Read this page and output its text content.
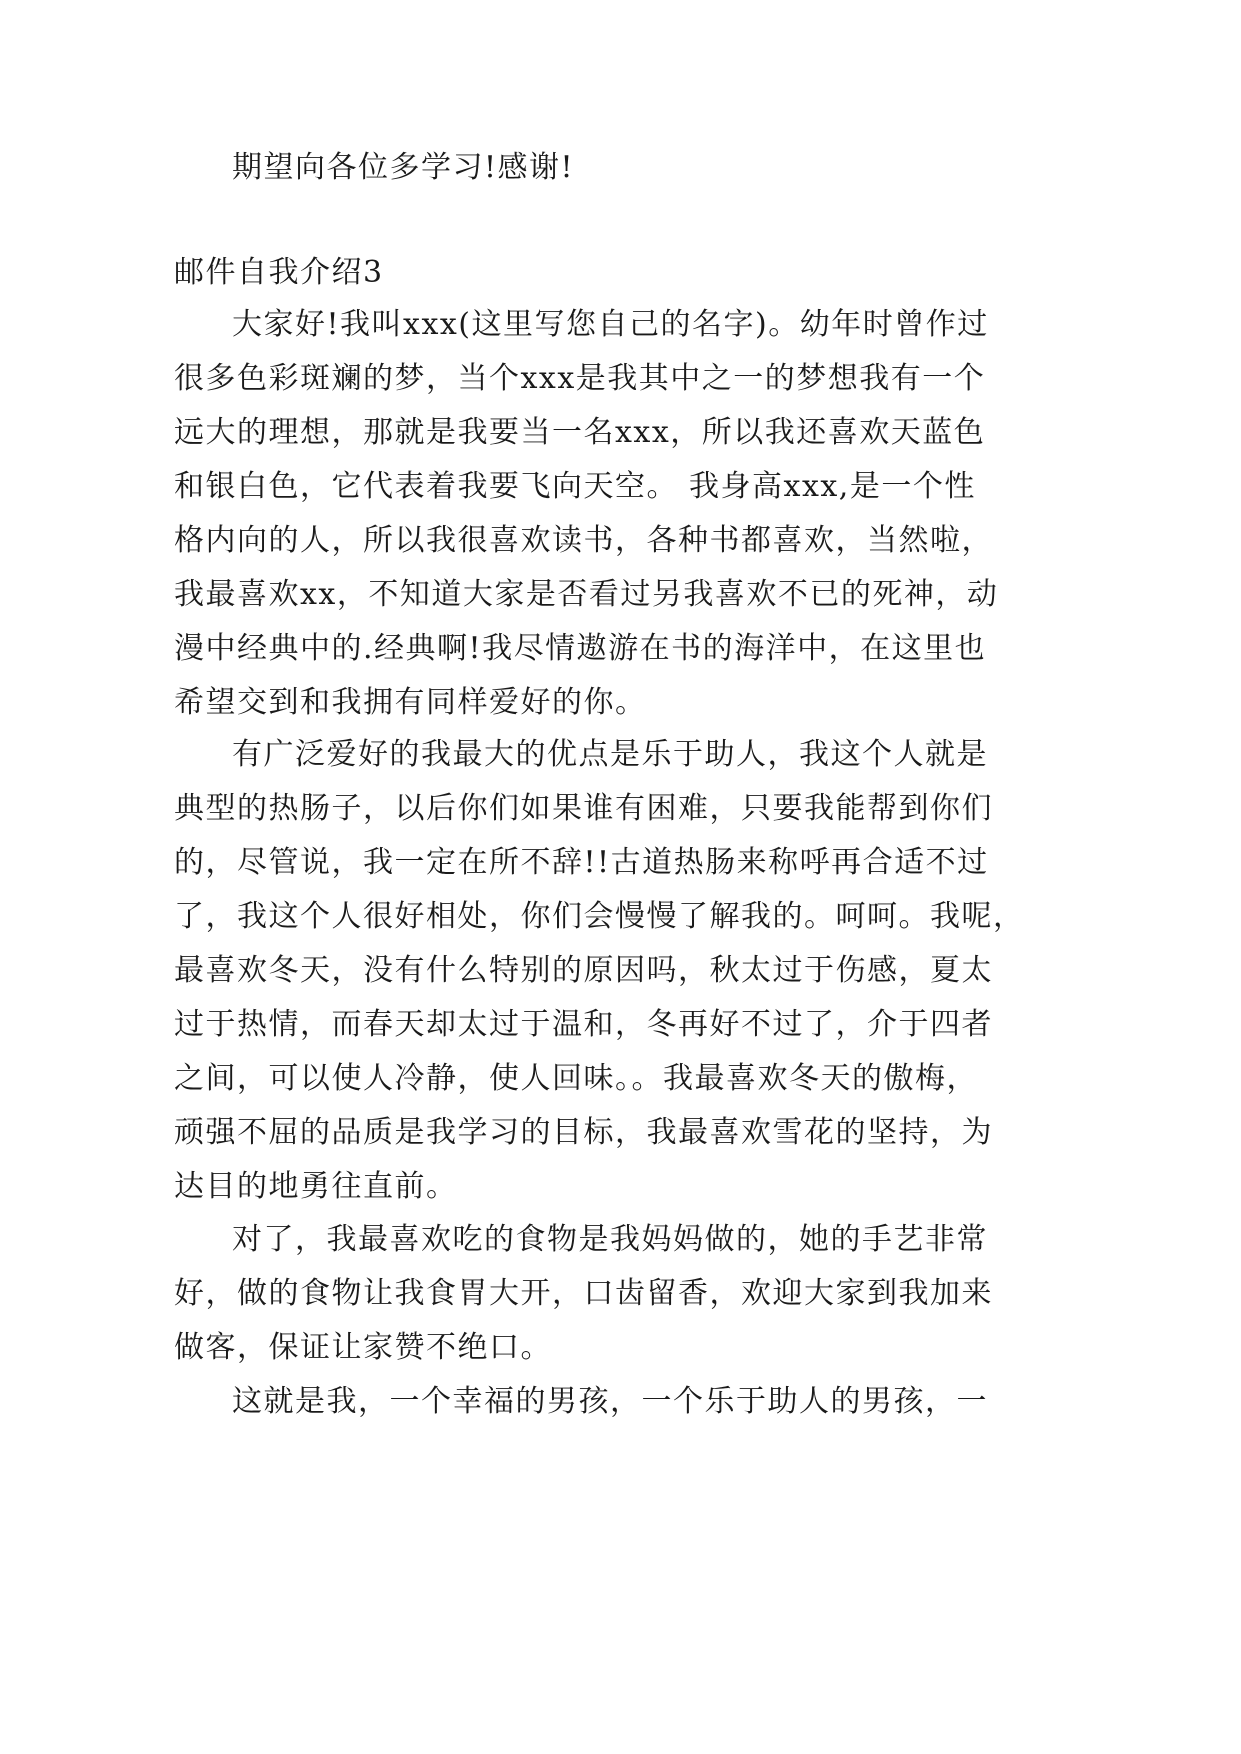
期望向各位多学习!感谢!
邮件自我介绍3
大家好!我叫xxx(这里写您自己的名字)。幼年时曾作过
很多色彩斑斓的梦，当个xxx是我其中之一的梦想我有一个
远大的理想，那就是我要当一名xxx，所以我还喜欢天蓝色
和银白色，它代表着我要飞向天空。 我身高xxx,是一个性
格内向的人，所以我很喜欢读书，各种书都喜欢，当然啦，
我最喜欢xx，不知道大家是否看过另我喜欢不已的死神，动
漫中经典中的.经典啊!我尽情遨游在书的海洋中，在这里也
希望交到和我拥有同样爱好的你。
有广泛爱好的我最大的优点是乐于助人，我这个人就是
典型的热肠子，以后你们如果谁有困难，只要我能帮到你们
的，尽管说，我一定在所不辞!!古道热肠来称呼再合适不过
了，我这个人很好相处，你们会慢慢了解我的。呵呵。我呢，
最喜欢冬天，没有什么特别的原因吗，秋太过于伤感，夏太
过于热情，而春天却太过于温和，冬再好不过了，介于四者
之间，可以使人冷静，使人回味。。我最喜欢冬天的傲梅，
顽强不屈的品质是我学习的目标，我最喜欢雪花的坚持，为
达目的地勇往直前。
对了，我最喜欢吃的食物是我妈妈做的，她的手艺非常
好，做的食物让我食胃大开，口齿留香，欢迎大家到我加来
做客，保证让家赞不绝口。
这就是我，一个幸福的男孩，一个乐于助人的男孩，一
